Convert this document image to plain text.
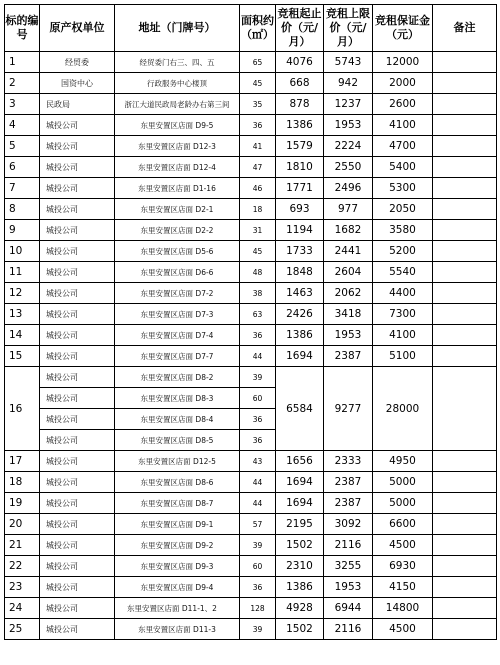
标的编号	原产权单位	地址（门牌号）	面积约（㎡）	竞租起止价（元/月）	竞租上限价（元/月）	竞租保证金（元）	备注
1	经贸委	经贸委门右三、四、五	65	4076	5743	12000	
2	国资中心	行政服务中心楼顶	45	668	942	2000	
3	民政局	浙江大道民政局老龄办右第三间	35	878	1237	2600	
4	城投公司	东里安置区店面 D9-5	36	1386	1953	4100	
5	城投公司	东里安置区店面 D12-3	41	1579	2224	4700	
6	城投公司	东里安置区店面 D12-4	47	1810	2550	5400	
7	城投公司	东里安置区店面 D1-16	46	1771	2496	5300	
8	城投公司	东里安置区店面 D2-1	18	693	977	2050	
9	城投公司	东里安置区店面 D2-2	31	1194	1682	3580	
10	城投公司	东里安置区店面 D5-6	45	1733	2441	5200	
11	城投公司	东里安置区店面 D6-6	48	1848	2604	5540	
12	城投公司	东里安置区店面 D7-2	38	1463	2062	4400	
13	城投公司	东里安置区店面 D7-3	63	2426	3418	7300	
14	城投公司	东里安置区店面 D7-4	36	1386	1953	4100	
15	城投公司	东里安置区店面 D7-7	44	1694	2387	5100	
16	城投公司	东里安置区店面 D8-2	39	6584	9277	28000	
	城投公司	东里安置区店面 D8-3	60				
	城投公司	东里安置区店面 D8-4	36				
	城投公司	东里安置区店面 D8-5	36				
17	城投公司	东里安置区店面 D12-5	43	1656	2333	4950	
18	城投公司	东里安置区店面 D8-6	44	1694	2387	5000	
19	城投公司	东里安置区店面 D8-7	44	1694	2387	5000	
20	城投公司	东里安置区店面 D9-1	57	2195	3092	6600	
21	城投公司	东里安置区店面 D9-2	39	1502	2116	4500	
22	城投公司	东里安置区店面 D9-3	60	2310	3255	6930	
23	城投公司	东里安置区店面 D9-4	36	1386	1953	4150	
24	城投公司	东里安置区店面 D11-1、2	128	4928	6944	14800	
25	城投公司	东里安置区店面 D11-3	39	1502	2116	4500	
